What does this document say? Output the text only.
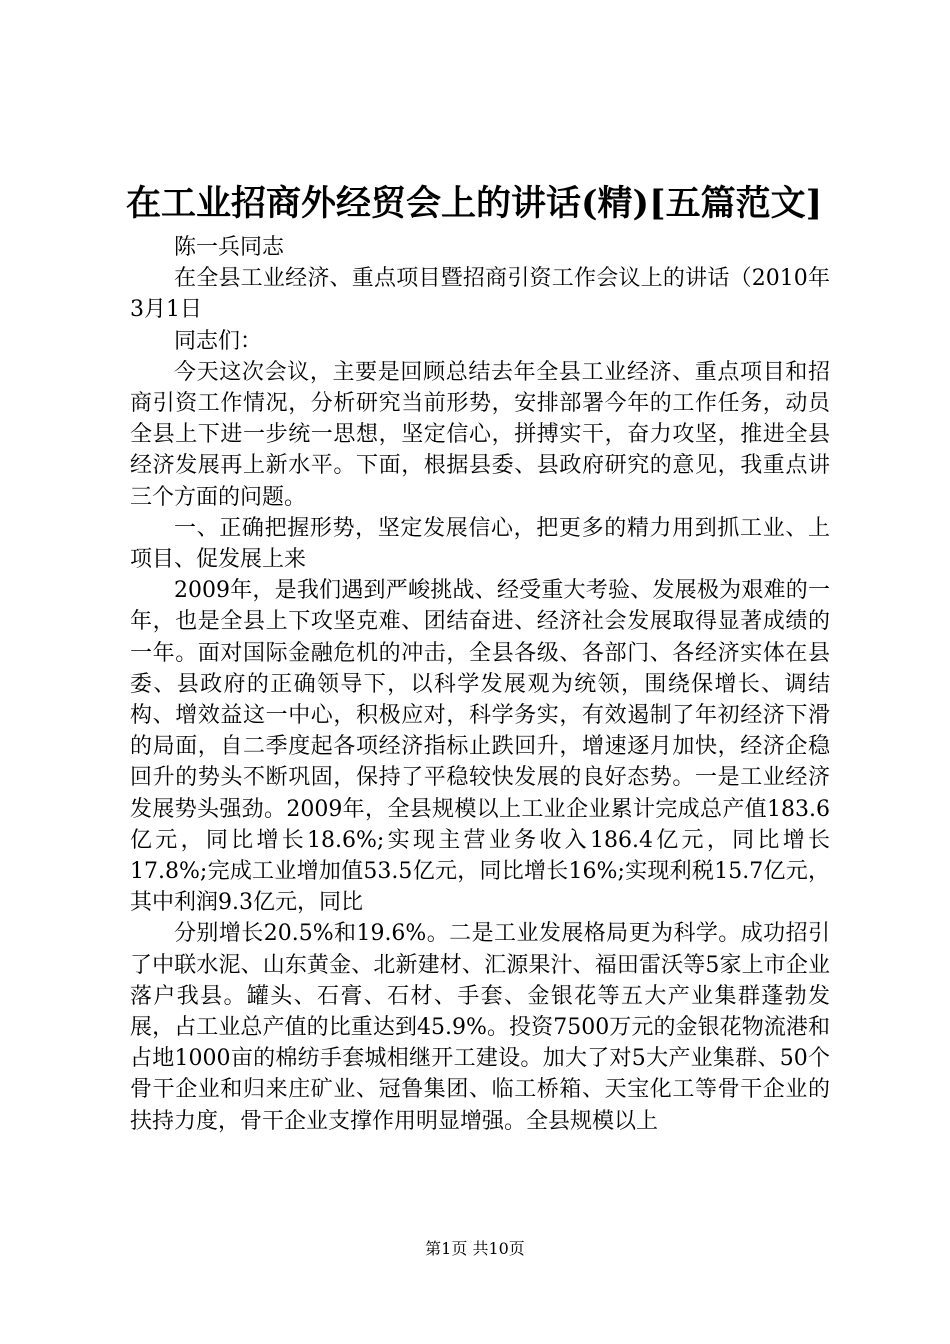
在工业招商外经贸会上的讲话(精)[五篇范文]

陈一兵同志

在全县工业经济、重点项目暨招商引资工作会议上的讲话（2010年3月1日

同志们：

今天这次会议，主要是回顾总结去年全县工业经济、重点项目和招商引资工作情况，分析研究当前形势，安排部署今年的工作任务，动员全县上下进一步统一思想，坚定信心，拼搏实干，奋力攻坚，推进全县经济发展再上新水平。下面，根据县委、县政府研究的意见，我重点讲三个方面的问题。

一、正确把握形势，坚定发展信心，把更多的精力用到抓工业、上项目、促发展上来

2009年，是我们遇到严峻挑战、经受重大考验、发展极为艰难的一年，也是全县上下攻坚克难、团结奋进、经济社会发展取得显著成绩的一年。面对国际金融危机的冲击，全县各级、各部门、各经济实体在县委、县政府的正确领导下，以科学发展观为统领，围绕保增长、调结构、增效益这一中心，积极应对，科学务实，有效遏制了年初经济下滑的局面，自二季度起各项经济指标止跌回升，增速逐月加快，经济企稳回升的势头不断巩固，保持了平稳较快发展的良好态势。一是工业经济发展势头强劲。2009年，全县规模以上工业企业累计完成总产值183.6亿元，同比增长18.6%;实现主营业务收入186.4亿元，同比增长17.8%;完成工业增加值53.5亿元，同比增长16%;实现利税15.7亿元，其中利润9.3亿元，同比

分别增长20.5%和19.6%。二是工业发展格局更为科学。成功招引了中联水泥、山东黄金、北新建材、汇源果汁、福田雷沃等5家上市企业落户我县。罐头、石膏、石材、手套、金银花等五大产业集群蓬勃发展，占工业总产值的比重达到45.9%。投资7500万元的金银花物流港和占地1000亩的棉纺手套城相继开工建设。加大了对5大产业集群、50个骨干企业和归来庄矿业、冠鲁集团、临工桥箱、天宝化工等骨干企业的扶持力度，骨干企业支撑作用明显增强。全县规模以上

第1页 共10页
